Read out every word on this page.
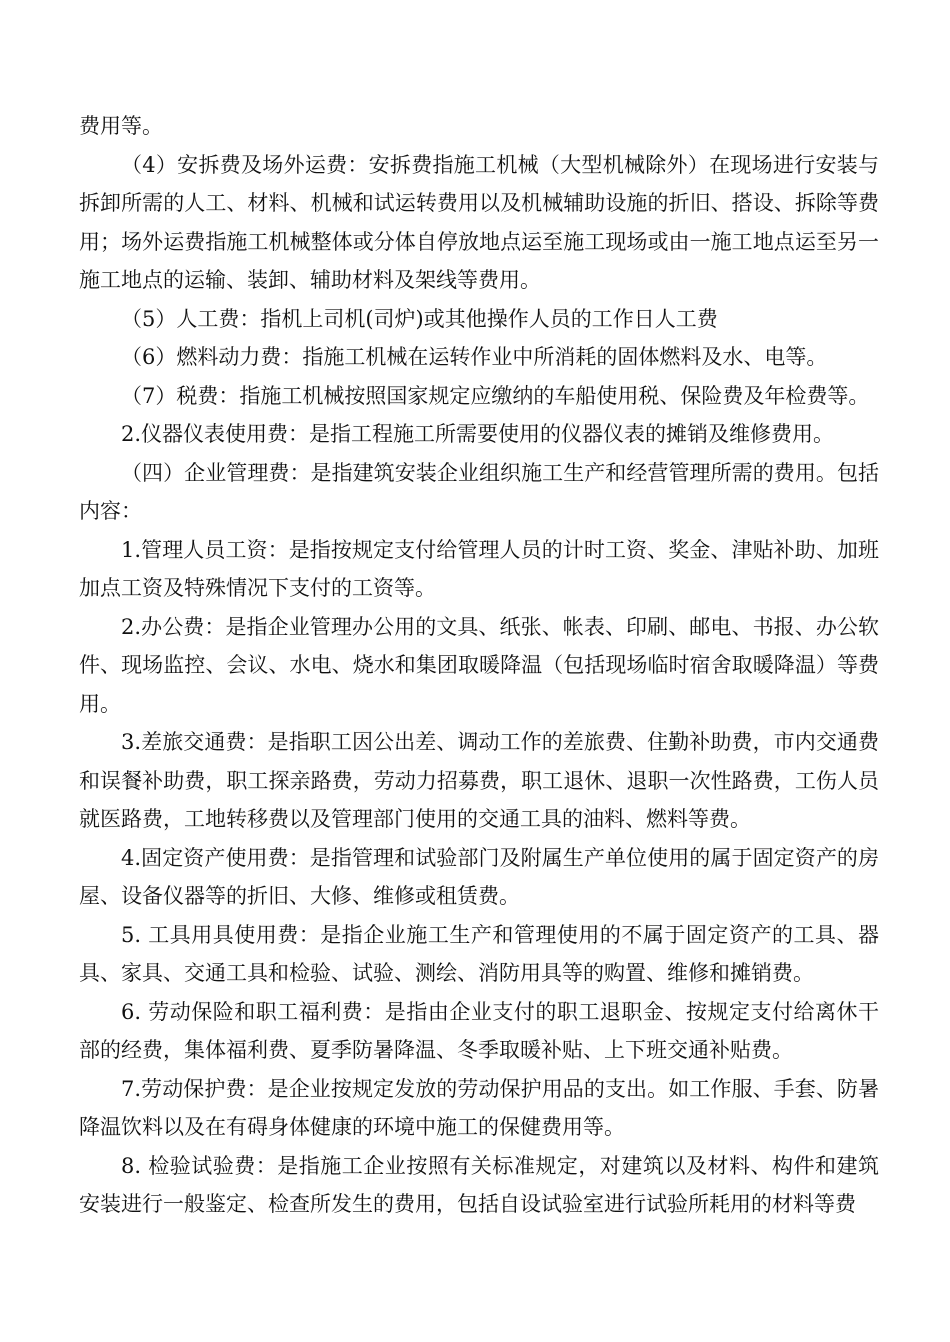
费用等。

（4）安拆费及场外运费：安拆费指施工机械（大型机械除外）在现场进行安装与拆卸所需的人工、材料、机械和试运转费用以及机械辅助设施的折旧、搭设、拆除等费用；场外运费指施工机械整体或分体自停放地点运至施工现场或由一施工地点运至另一施工地点的运输、装卸、辅助材料及架线等费用。

（5）人工费：指机上司机(司炉)或其他操作人员的工作日人工费

（6）燃料动力费：指施工机械在运转作业中所消耗的固体燃料及水、电等。

（7）税费：指施工机械按照国家规定应缴纳的车船使用税、保险费及年检费等。

2.仪器仪表使用费：是指工程施工所需要使用的仪器仪表的摊销及维修费用。

（四）企业管理费：是指建筑安装企业组织施工生产和经营管理所需的费用。包括内容：

1.管理人员工资：是指按规定支付给管理人员的计时工资、奖金、津贴补助、加班加点工资及特殊情况下支付的工资等。

2.办公费：是指企业管理办公用的文具、纸张、帐表、印刷、邮电、书报、办公软件、现场监控、会议、水电、烧水和集团取暖降温（包括现场临时宿舍取暖降温）等费用。

3.差旅交通费：是指职工因公出差、调动工作的差旅费、住勤补助费，市内交通费和误餐补助费，职工探亲路费，劳动力招募费，职工退休、退职一次性路费，工伤人员就医路费，工地转移费以及管理部门使用的交通工具的油料、燃料等费。

4.固定资产使用费：是指管理和试验部门及附属生产单位使用的属于固定资产的房屋、设备仪器等的折旧、大修、维修或租赁费。

5. 工具用具使用费：是指企业施工生产和管理使用的不属于固定资产的工具、器具、家具、交通工具和检验、试验、测绘、消防用具等的购置、维修和摊销费。

6. 劳动保险和职工福利费：是指由企业支付的职工退职金、按规定支付给离休干部的经费，集体福利费、夏季防暑降温、冬季取暖补贴、上下班交通补贴费。

7.劳动保护费：是企业按规定发放的劳动保护用品的支出。如工作服、手套、防暑降温饮料以及在有碍身体健康的环境中施工的保健费用等。

8. 检验试验费：是指施工企业按照有关标准规定，对建筑以及材料、构件和建筑安装进行一般鉴定、检查所发生的费用，包括自设试验室进行试验所耗用的材料等费
